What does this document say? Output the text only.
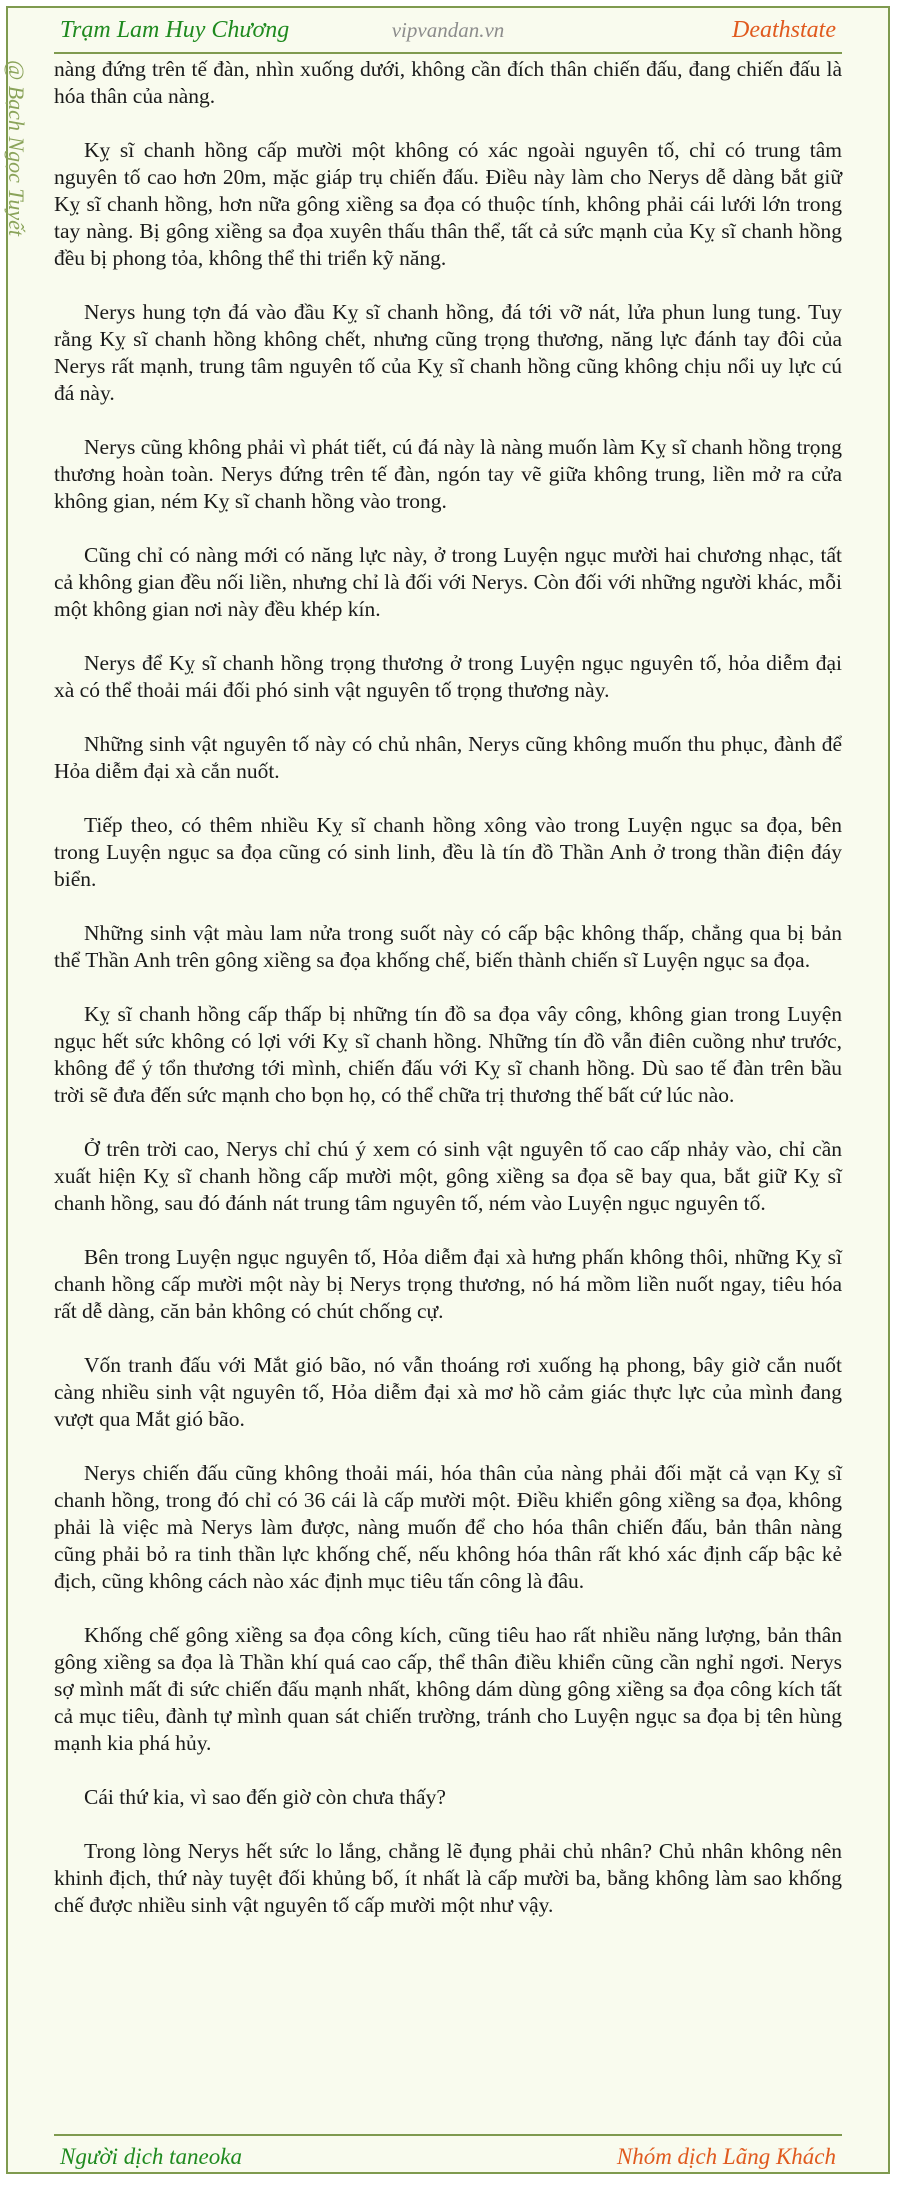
Trạm Lam Huy Chương	vipvandan.vn	Deathstate
@ Bạch Ngọc Tuyết nàng đứng trên tế đàn, nhìn xuống dưới, không cần đích thân chiến đấu, đang chiến đấu là hóa thân của nàng.

Kỵ sĩ chanh hồng cấp mười một không có xác ngoài nguyên tố, chỉ có trung tâm nguyên tố cao hơn 20m, mặc giáp trụ chiến đấu. Điều này làm cho Nerys dễ dàng bắt giữ Kỵ sĩ chanh hồng, hơn nữa gông xiềng sa đọa có thuộc tính, không phải cái lưới lớn trong tay nàng. Bị gông xiềng sa đọa xuyên thấu thân thể, tất cả sức mạnh của Kỵ sĩ chanh hồng đều bị phong tỏa, không thể thi triển kỹ năng.

Nerys hung tợn đá vào đầu Kỵ sĩ chanh hồng, đá tới vỡ nát, lửa phun lung tung. Tuy rằng Kỵ sĩ chanh hồng không chết, nhưng cũng trọng thương, năng lực đánh tay đôi của Nerys rất mạnh, trung tâm nguyên tố của Kỵ sĩ chanh hồng cũng không chịu nổi uy lực cú đá này.

Nerys cũng không phải vì phát tiết, cú đá này là nàng muốn làm Kỵ sĩ chanh hồng trọng thương hoàn toàn. Nerys đứng trên tế đàn, ngón tay vẽ giữa không trung, liền mở ra cửa không gian, ném Kỵ sĩ chanh hồng vào trong.

Cũng chỉ có nàng mới có năng lực này, ở trong Luyện ngục mười hai chương nhạc, tất cả không gian đều nối liền, nhưng chỉ là đối với Nerys. Còn đối với những người khác, mỗi một không gian nơi này đều khép kín.

Nerys để Kỵ sĩ chanh hồng trọng thương ở trong Luyện ngục nguyên tố, hỏa diễm đại xà có thể thoải mái đối phó sinh vật nguyên tố trọng thương này.

Những sinh vật nguyên tố này có chủ nhân, Nerys cũng không muốn thu phục, đành để Hỏa diễm đại xà cắn nuốt.

Tiếp theo, có thêm nhiều Kỵ sĩ chanh hồng xông vào trong Luyện ngục sa đọa, bên trong Luyện ngục sa đọa cũng có sinh linh, đều là tín đồ Thần Anh ở trong thần điện đáy biển.

Những sinh vật màu lam nửa trong suốt này có cấp bậc không thấp, chẳng qua bị bản thể Thần Anh trên gông xiềng sa đọa khống chế, biến thành chiến sĩ Luyện ngục sa đọa.

Kỵ sĩ chanh hồng cấp thấp bị những tín đồ sa đọa vây công, không gian trong Luyện ngục hết sức không có lợi với Kỵ sĩ chanh hồng. Những tín đồ vẫn điên cuồng như trước, không để ý tổn thương tới mình, chiến đấu với Kỵ sĩ chanh hồng. Dù sao tế đàn trên bầu trời sẽ đưa đến sức mạnh cho bọn họ, có thể chữa trị thương thế bất cứ lúc nào.

Ở trên trời cao, Nerys chỉ chú ý xem có sinh vật nguyên tố cao cấp nhảy vào, chỉ cần xuất hiện Kỵ sĩ chanh hồng cấp mười một, gông xiềng sa đọa sẽ bay qua, bắt giữ Kỵ sĩ chanh hồng, sau đó đánh nát trung tâm nguyên tố, ném vào Luyện ngục nguyên tố.

Bên trong Luyện ngục nguyên tố, Hỏa diễm đại xà hưng phấn không thôi, những Kỵ sĩ chanh hồng cấp mười một này bị Nerys trọng thương, nó há mồm liền nuốt ngay, tiêu hóa rất dễ dàng, căn bản không có chút chống cự.

Vốn tranh đấu với Mắt gió bão, nó vẫn thoáng rơi xuống hạ phong, bây giờ cắn nuốt càng nhiều sinh vật nguyên tố, Hỏa diễm đại xà mơ hồ cảm giác thực lực của mình đang vượt qua Mắt gió bão.

Nerys chiến đấu cũng không thoải mái, hóa thân của nàng phải đối mặt cả vạn Kỵ sĩ chanh hồng, trong đó chỉ có 36 cái là cấp mười một. Điều khiển gông xiềng sa đọa, không phải là việc mà Nerys làm được, nàng muốn để cho hóa thân chiến đấu, bản thân nàng cũng phải bỏ ra tinh thần lực khống chế, nếu không hóa thân rất khó xác định cấp bậc kẻ địch, cũng không cách nào xác định mục tiêu tấn công là đâu.

Khống chế gông xiềng sa đọa công kích, cũng tiêu hao rất nhiều năng lượng, bản thân gông xiềng sa đọa là Thần khí quá cao cấp, thể thân điều khiển cũng cần nghỉ ngơi. Nerys sợ mình mất đi sức chiến đấu mạnh nhất, không dám dùng gông xiềng sa đọa công kích tất cả mục tiêu, đành tự mình quan sát chiến trường, tránh cho Luyện ngục sa đọa bị tên hùng mạnh kia phá hủy.

Cái thứ kia, vì sao đến giờ còn chưa thấy?

Trong lòng Nerys hết sức lo lắng, chẳng lẽ đụng phải chủ nhân? Chủ nhân không nên khinh địch, thứ này tuyệt đối khủng bố, ít nhất là cấp mười ba, bằng không làm sao khống chế được nhiều sinh vật nguyên tố cấp mười một như vậy.

Người dịch taneoka	Nhóm dịch Lãng Khách
